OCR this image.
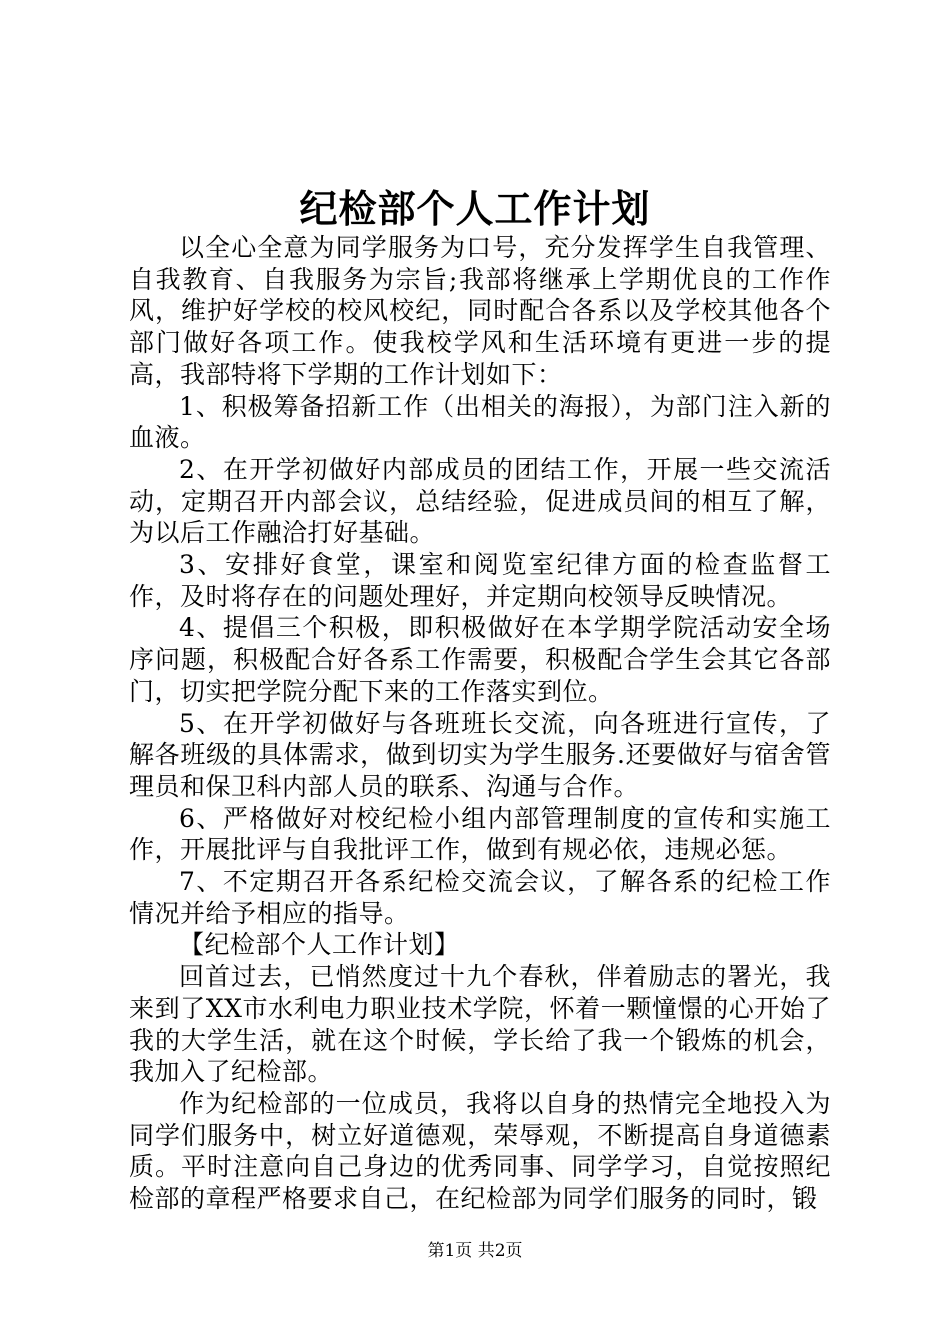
纪检部个人工作计划

以全心全意为同学服务为口号，充分发挥学生自我管理、自我教育、自我服务为宗旨;我部将继承上学期优良的工作作风，维护好学校的校风校纪，同时配合各系以及学校其他各个部门做好各项工作。使我校学风和生活环境有更进一步的提高，我部特将下学期的工作计划如下：

1、积极筹备招新工作（出相关的海报），为部门注入新的血液。

2、在开学初做好内部成员的团结工作，开展一些交流活动，定期召开内部会议，总结经验，促进成员间的相互了解，为以后工作融洽打好基础。

3、安排好食堂，课室和阅览室纪律方面的检查监督工作，及时将存在的问题处理好，并定期向校领导反映情况。

4、提倡三个积极，即积极做好在本学期学院活动安全场序问题，积极配合好各系工作需要，积极配合学生会其它各部门，切实把学院分配下来的工作落实到位。

5、在开学初做好与各班班长交流，向各班进行宣传，了解各班级的具体需求，做到切实为学生服务.还要做好与宿舍管理员和保卫科内部人员的联系、沟通与合作。

6、严格做好对校纪检小组内部管理制度的宣传和实施工作，开展批评与自我批评工作，做到有规必依，违规必惩。

7、不定期召开各系纪检交流会议，了解各系的纪检工作情况并给予相应的指导。

【纪检部个人工作计划】

回首过去，已悄然度过十九个春秋，伴着励志的署光，我来到了XX市水利电力职业技术学院，怀着一颗憧憬的心开始了我的大学生活，就在这个时候，学长给了我一个锻炼的机会，我加入了纪检部。

作为纪检部的一位成员，我将以自身的热情完全地投入为同学们服务中，树立好道德观，荣辱观，不断提高自身道德素质。平时注意向自己身边的优秀同事、同学学习，自觉按照纪检部的章程严格要求自己，在纪检部为同学们服务的同时，锻

第1页 共2页
